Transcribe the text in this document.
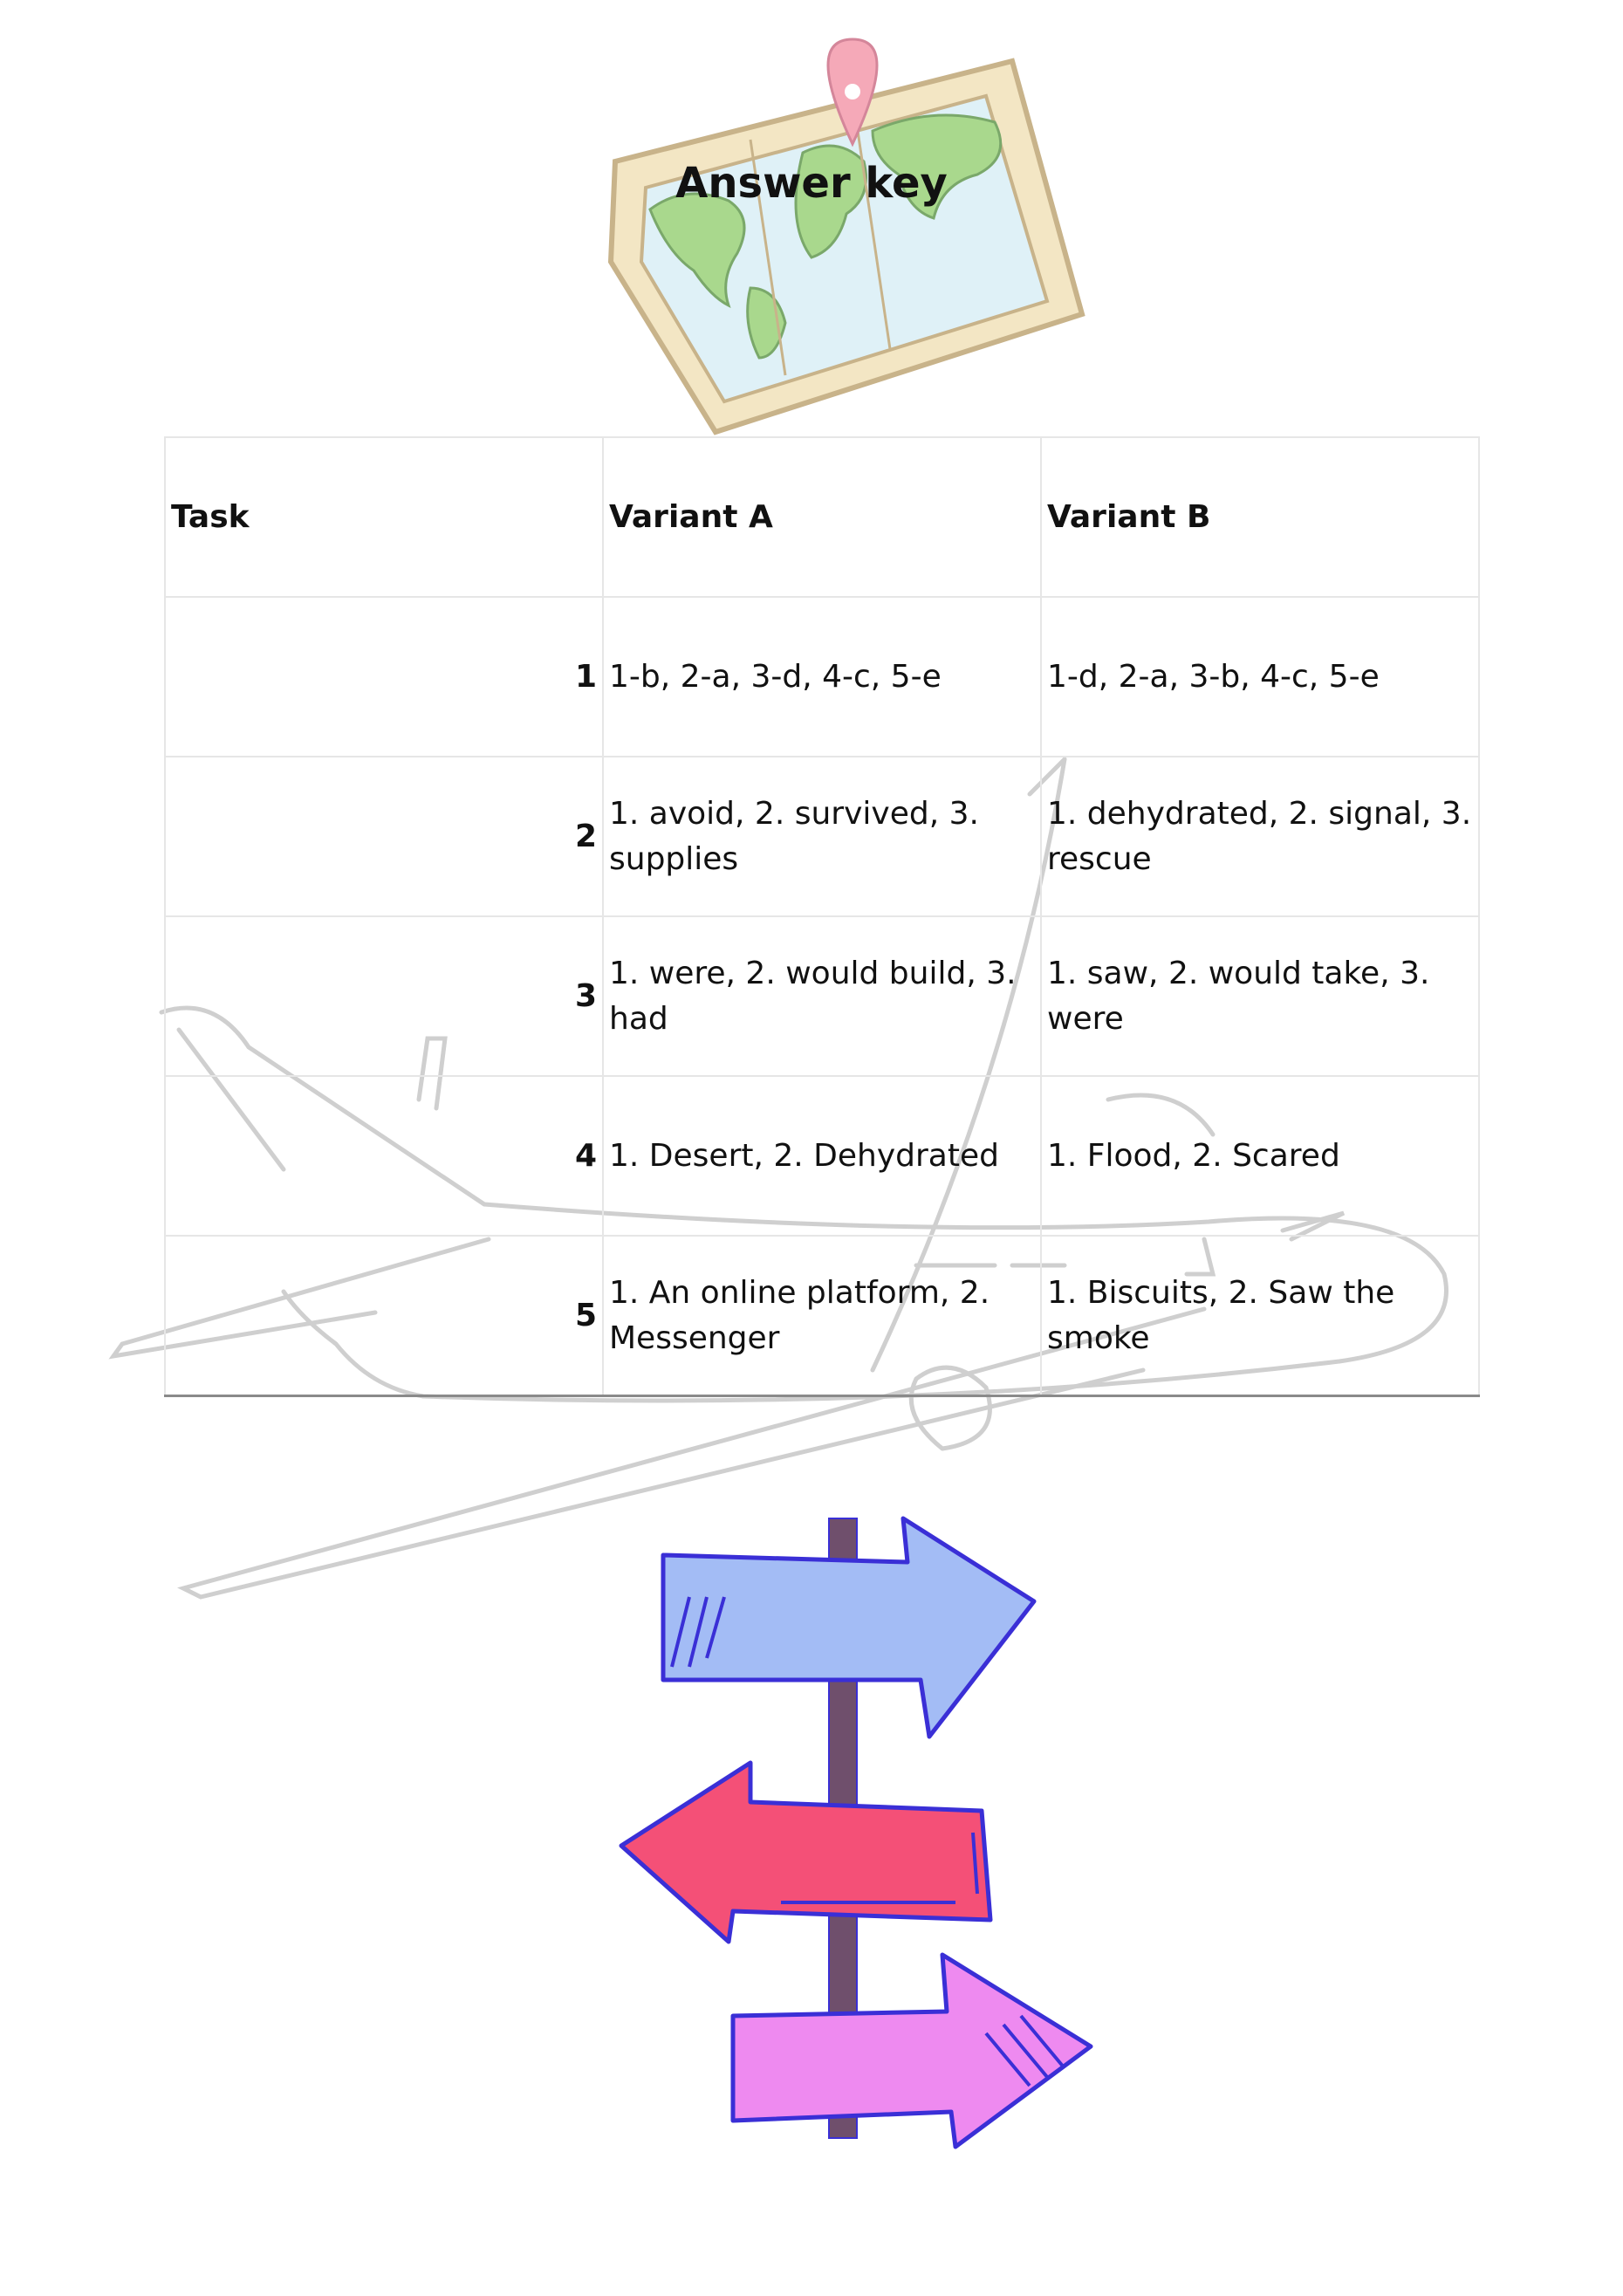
Answer key
Task	Variant A	Variant B
1	1-b, 2-a, 3-d, 4-c, 5-e	1-d, 2-a, 3-b, 4-c, 5-e
2	1. avoid, 2. survived, 3. supplies	1. dehydrated, 2. signal, 3. rescue
3	1. were, 2. would build, 3. had	1. saw, 2. would take, 3. were
4	1. Desert, 2. Dehydrated	1. Flood, 2. Scared
5	1. An online platform, 2. Messenger	1. Biscuits, 2. Saw the smoke
